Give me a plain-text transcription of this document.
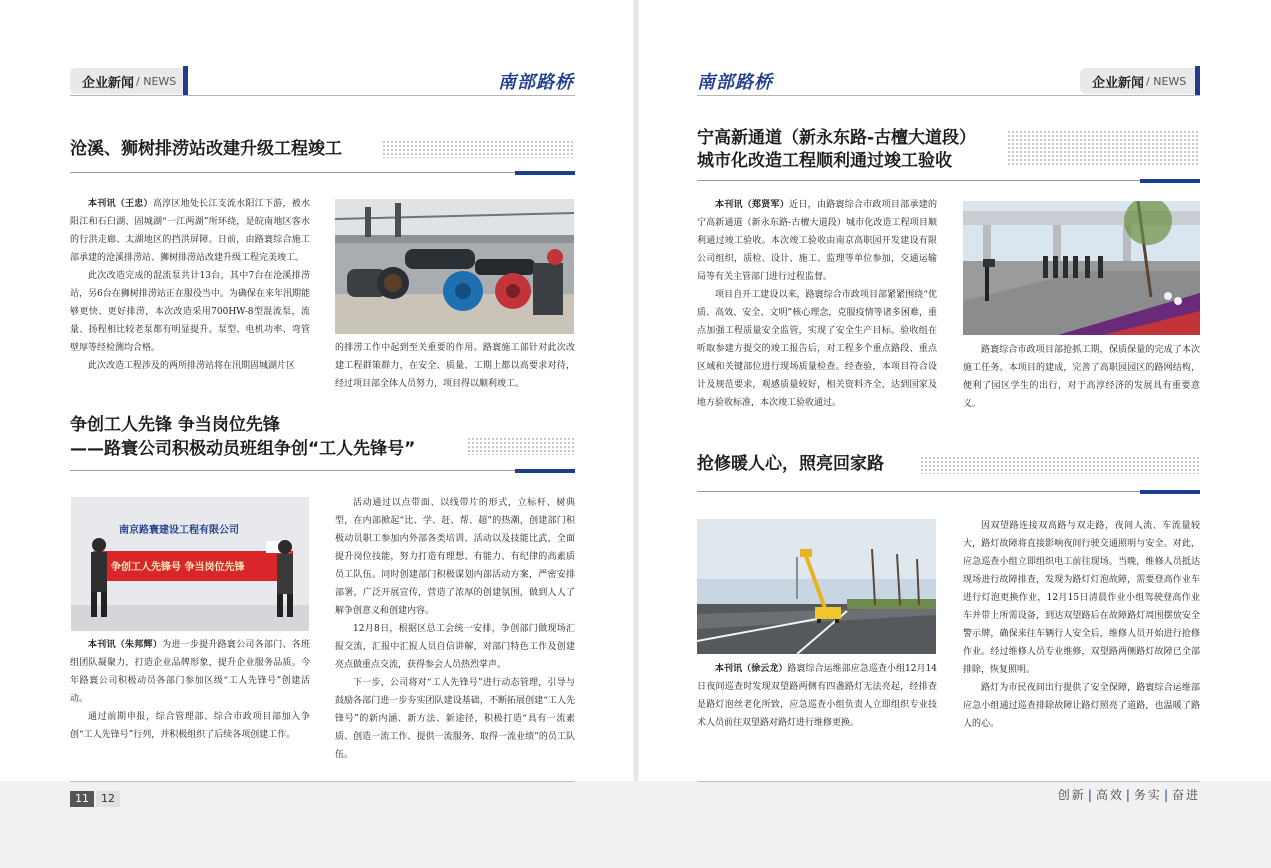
企业新闻 / NEWS	南部路桥	南部路桥	企业新闻 / NEWS
沧溪、狮树排涝站改建升级工程竣工

本刊讯（王忠）高淳区地处长江支流水阳江下游，被水阳江和石臼湖、固城湖“一江两湖”所环绕，是皖南地区客水的行洪走廊、太湖地区的挡洪屏障。日前，由路寰综合施工部承建的沧溪排涝站、狮树排涝站改建升级工程完美竣工。

此次改造完成的混流泵共计13台，其中7台在沧溪排涝站，另6台在狮树排涝站正在服役当中。为确保在来年汛期能够更快、更好排涝，本次改造采用700HW-8型混流泵，流量、扬程相比较老泵都有明显提升。泵型、电机功率、弯管壁厚等经检测均合格。

此次改造工程涉及的两所排涝站将在汛期固城湖片区

的排涝工作中起到至关重要的作用。路寰施工部针对此次改建工程群策群力，在安全、质量、工期上都以高要求对待，经过项目部全体人员努力，项目得以顺利竣工。

争创工人先锋 争当岗位先锋
——路寰公司积极动员班组争创“工人先锋号”
南京路寰建设工程有限公司
争创工人先锋号 争当岗位先锋

本刊讯（朱邦辉）为进一步提升路寰公司各部门、各班组团队凝聚力，打造企业品牌形象，提升企业服务品质。今年路寰公司积极动员各部门参加区级“工人先锋号”创建活动。

通过前期申报，综合管理部、综合市政项目部加入争创“工人先锋号”行列，并积极组织了后续各项创建工作。

活动通过以点带面、以线带片的形式，立标杆、树典型，在内部掀起“比、学、赶、帮、超”的热潮，创建部门积极动员职工参加内外部各类培训、活动以及技能比武，全面提升岗位技能，努力打造有理想、有能力、有纪律的高素质员工队伍。同时创建部门积极谋划内部活动方案，严密安排部署，广泛开展宣传，营造了浓厚的创建氛围，做到人人了解争创意义和创建内容。

12月8日，根据区总工会统一安排，争创部门做现场汇报交流，汇报中汇报人员自信讲解，对部门特色工作及创建亮点做重点交流，获得参会人员热烈掌声。

下一步，公司将对“工人先锋号”进行动态管理，引导与鼓励各部门进一步夯实团队建设基础，不断拓展创建“工人先锋号”的新内涵、新方法、新途径，积极打造“具有一流素质、创造一流工作、提供一流服务、取得一流业绩”的员工队伍。

宁高新通道（新永东路-古檀大道段）
城市化改造工程顺利通过竣工验收

本刊讯（郑贤军）近日，由路寰综合市政项目部承建的宁高新通道（新永东路-古檀大道段）城市化改造工程项目顺利通过竣工验收。本次竣工验收由南京高职园开发建设有限公司组织，质检、设计、施工、监理等单位参加，交通运输局等有关主管部门进行过程监督。

项目自开工建设以来，路寰综合市政项目部紧紧围绕“优质、高效、安全、文明”核心理念，克服疫情等诸多困难，重点加强工程质量安全监管，实现了安全生产目标。验收组在听取参建方提交的竣工报告后，对工程多个重点路段、重点区域和关键部位进行现场质量检查。经查验，本项目符合设计及规范要求，观感质量较好，相关资料齐全，达到国家及地方验收标准，本次竣工验收通过。

路寰综合市政项目部抢抓工期，保质保量的完成了本次施工任务。本项目的建成，完善了高职园园区的路网结构，便利了园区学生的出行，对于高淳经济的发展具有重要意义。

抢修暖人心，照亮回家路

本刊讯（徐云龙）路寰综合运维部应急巡查小组12月14日夜间巡查时发现双望路两侧有四盏路灯无法亮起，经排查是路灯泡丝老化所致，应急巡查小组负责人立即组织专业技术人员前往双望路对路灯进行维修更换。

因双望路连接双高路与双走路，夜间人流、车流量较大，路灯故障将直接影响夜间行驶交通照明与安全。对此，应急巡查小组立即组织电工前往现场。当晚，维修人员抵达现场进行故障排查，发现为路灯灯泡故障，需要登高作业车进行灯泡更换作业，12月15日清晨作业小组驾驶登高作业车并带上所需设备，到达双望路后在故障路灯周围摆放安全警示牌，确保来往车辆行人安全后，维修人员开始进行抢修作业。经过维修人员专业维修，双望路两侧路灯故障已全部排除，恢复照明。

路灯为市民夜间出行提供了安全保障，路寰综合运维部应急小组通过巡查排除故障让路灯照亮了道路，也温暖了路人的心。

11	12	创新 | 高效 | 务实 | 奋进
